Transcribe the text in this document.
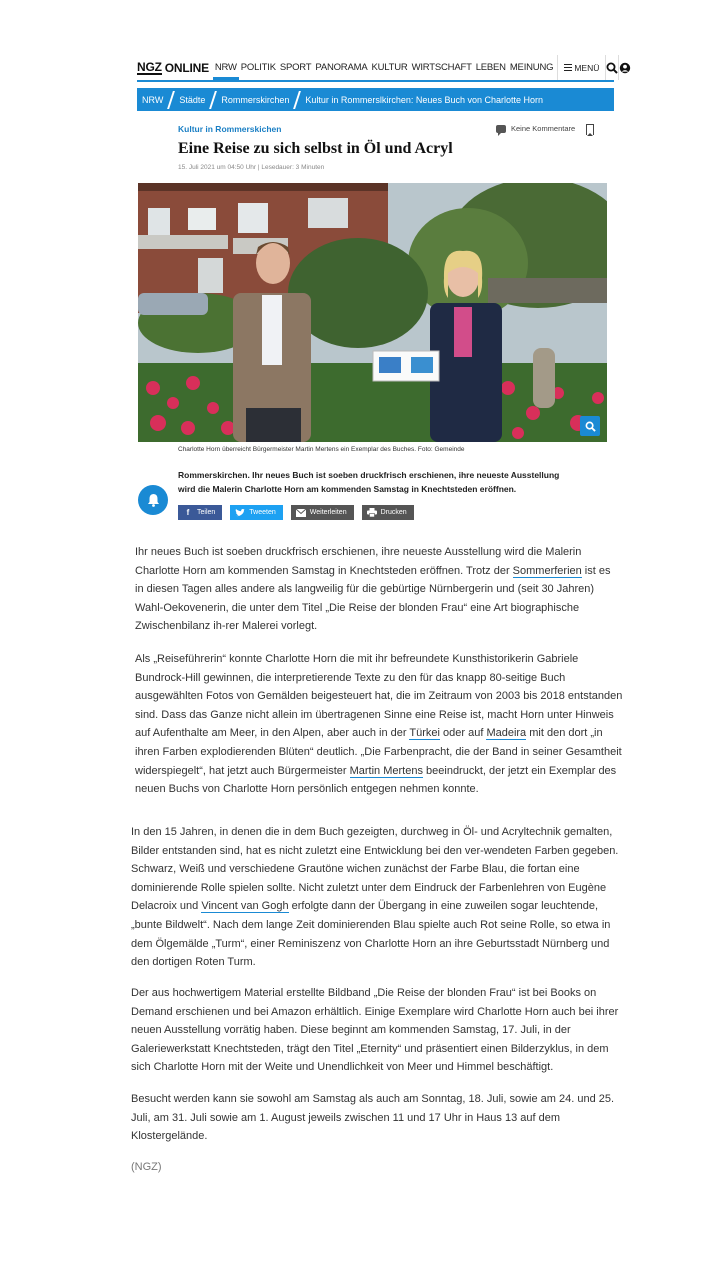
NGZ ONLINE NRW POLITIK SPORT PANORAMA KULTUR WIRTSCHAFT LEBEN MEINUNG MENÜ
NRW	Städte	Rommerskirchen	Kultur in Rommerslkirchen: Neues Buch von Charlotte Horn
Kultur in Rommerskichen	Keine Kommentare
Eine Reise zu sich selbst in Öl und Acryl
15. Juli 2021 um 04:50 Uhr | Lesedauer: 3 Minuten
Charlotte Horn überreicht Bürgermeister Martin Mertens ein Exemplar des Buches. Foto: Gemeinde

Rommerskirchen. Ihr neues Buch ist soeben druckfrisch erschienen, ihre neueste Ausstellung wird die Malerin Charlotte Horn am kommenden Samstag in Knechtsteden eröffnen.

f	Teilen	Tweeten	Weiterleiten	Drucken

Ihr neues Buch ist soeben druckfrisch erschienen, ihre neueste Ausstellung wird die Malerin Charlotte Horn am kommenden Samstag in Knechtsteden eröffnen. Trotz der Sommerferien ist es in diesen Tagen alles andere als langweilig für die gebürtige Nürnbergerin und (seit 30 Jahren) Wahl-Oekovenerin, die unter dem Titel „Die Reise der blonden Frau“ eine Art biographische Zwischenbilanz ih-rer Malerei vorlegt.

Als „Reiseführerin“ konnte Charlotte Horn die mit ihr befreundete Kunsthistorikerin Gabriele Bundrock-Hill gewinnen, die interpretierende Texte zu den für das knapp 80-seitige Buch ausgewählten Fotos von Gemälden beigesteuert hat, die im Zeitraum von 2003 bis 2018 entstanden sind. Dass das Ganze nicht allein im übertragenen Sinne eine Reise ist, macht Horn unter Hinweis auf Aufenthalte am Meer, in den Alpen, aber auch in der Türkei oder auf Madeira mit den dort „in ihren Farben explodierenden Blüten“ deutlich. „Die Farbenpracht, die der Band in seiner Gesamtheit widerspiegelt“, hat jetzt auch Bürgermeister Martin Mertens beeindruckt, der jetzt ein Exemplar des neuen Buchs von Charlotte Horn persönlich entgegen nehmen konnte.

In den 15 Jahren, in denen die in dem Buch gezeigten, durchweg in Öl- und Acryltechnik gemalten, Bilder entstanden sind, hat es nicht zuletzt eine Entwicklung bei den ver-wendeten Farben gegeben. Schwarz, Weiß und verschiedene Grautöne wichen zunächst der Farbe Blau, die fortan eine dominierende Rolle spielen sollte. Nicht zuletzt unter dem Eindruck der Farbenlehren von Eugène Delacroix und Vincent van Gogh erfolgte dann der Übergang in eine zuweilen sogar leuchtende, „bunte Bildwelt“. Nach dem lange Zeit dominierenden Blau spielte auch Rot seine Rolle, so etwa in dem Ölgemälde „Turm“, einer Reminiszenz von Charlotte Horn an ihre Geburtsstadt Nürnberg und den dortigen Roten Turm.

Der aus hochwertigem Material erstellte Bildband „Die Reise der blonden Frau“ ist bei Books on Demand erschienen und bei Amazon erhältlich. Einige Exemplare wird Charlotte Horn auch bei ihrer neuen Ausstellung vorrätig haben. Diese beginnt am kommenden Samstag, 17. Juli, in der Galeriewerkstatt Knechtsteden, trägt den Titel „Eternity“ und präsentiert einen Bilderzyklus, in dem sich Charlotte Horn mit der Weite und Unendlichkeit von Meer und Himmel beschäftigt.

Besucht werden kann sie sowohl am Samstag als auch am Sonntag, 18. Juli, sowie am 24. und 25. Juli, am 31. Juli sowie am 1. August jeweils zwischen 11 und 17 Uhr in Haus 13 auf dem Klostergelände.

(NGZ)
